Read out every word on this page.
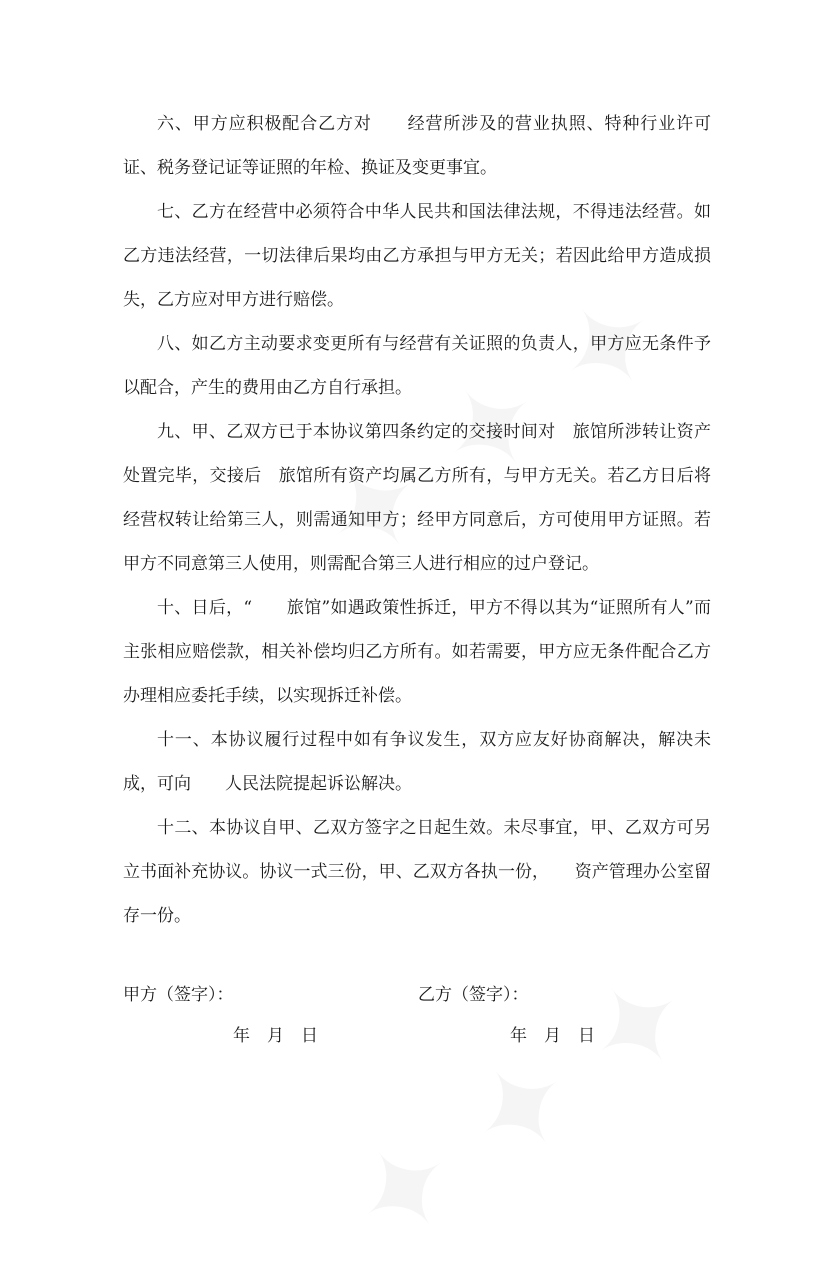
六、甲方应积极配合乙方对　　经营所涉及的营业执照、特种行业许可证、税务登记证等证照的年检、换证及变更事宜。

七、乙方在经营中必须符合中华人民共和国法律法规，不得违法经营。如乙方违法经营，一切法律后果均由乙方承担与甲方无关；若因此给甲方造成损失，乙方应对甲方进行赔偿。

八、如乙方主动要求变更所有与经营有关证照的负责人，甲方应无条件予以配合，产生的费用由乙方自行承担。

九、甲、乙双方已于本协议第四条约定的交接时间对　旅馆所涉转让资产处置完毕，交接后　旅馆所有资产均属乙方所有，与甲方无关。若乙方日后将经营权转让给第三人，则需通知甲方；经甲方同意后，方可使用甲方证照。若甲方不同意第三人使用，则需配合第三人进行相应的过户登记。

十、日后，“　　旅馆”如遇政策性拆迁，甲方不得以其为“证照所有人”而主张相应赔偿款，相关补偿均归乙方所有。如若需要，甲方应无条件配合乙方办理相应委托手续，以实现拆迁补偿。

十一、本协议履行过程中如有争议发生，双方应友好协商解决，解决未成，可向　　人民法院提起诉讼解决。

十二、本协议自甲、乙双方签字之日起生效。未尽事宜，甲、乙双方可另立书面补充协议。协议一式三份，甲、乙双方各执一份，　　资产管理办公室留存一份。

甲方（签字）：	乙方（签字）：
年　月　日	年　月　日
